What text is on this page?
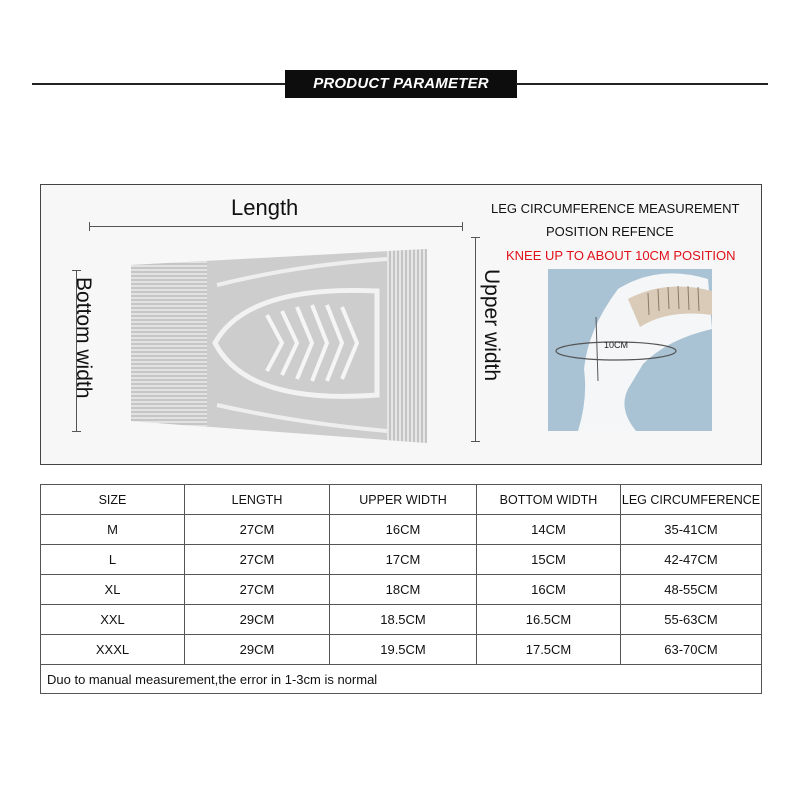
PRODUCT PARAMETER
Length
Bottom width	Upper width
LEG CIRCUMFERENCE MEASUREMENT
POSITION REFENCE
KNEE UP TO ABOUT 10CM POSITION
10CM
SIZE	LENGTH	UPPER WIDTH	BOTTOM WIDTH	LEG CIRCUMFERENCE
M	27CM	16CM	14CM	35-41CM
L	27CM	17CM	15CM	42-47CM
XL	27CM	18CM	16CM	48-55CM
XXL	29CM	18.5CM	16.5CM	55-63CM
XXXL	29CM	19.5CM	17.5CM	63-70CM
Duo to manual measurement,the error in 1-3cm is normal				
